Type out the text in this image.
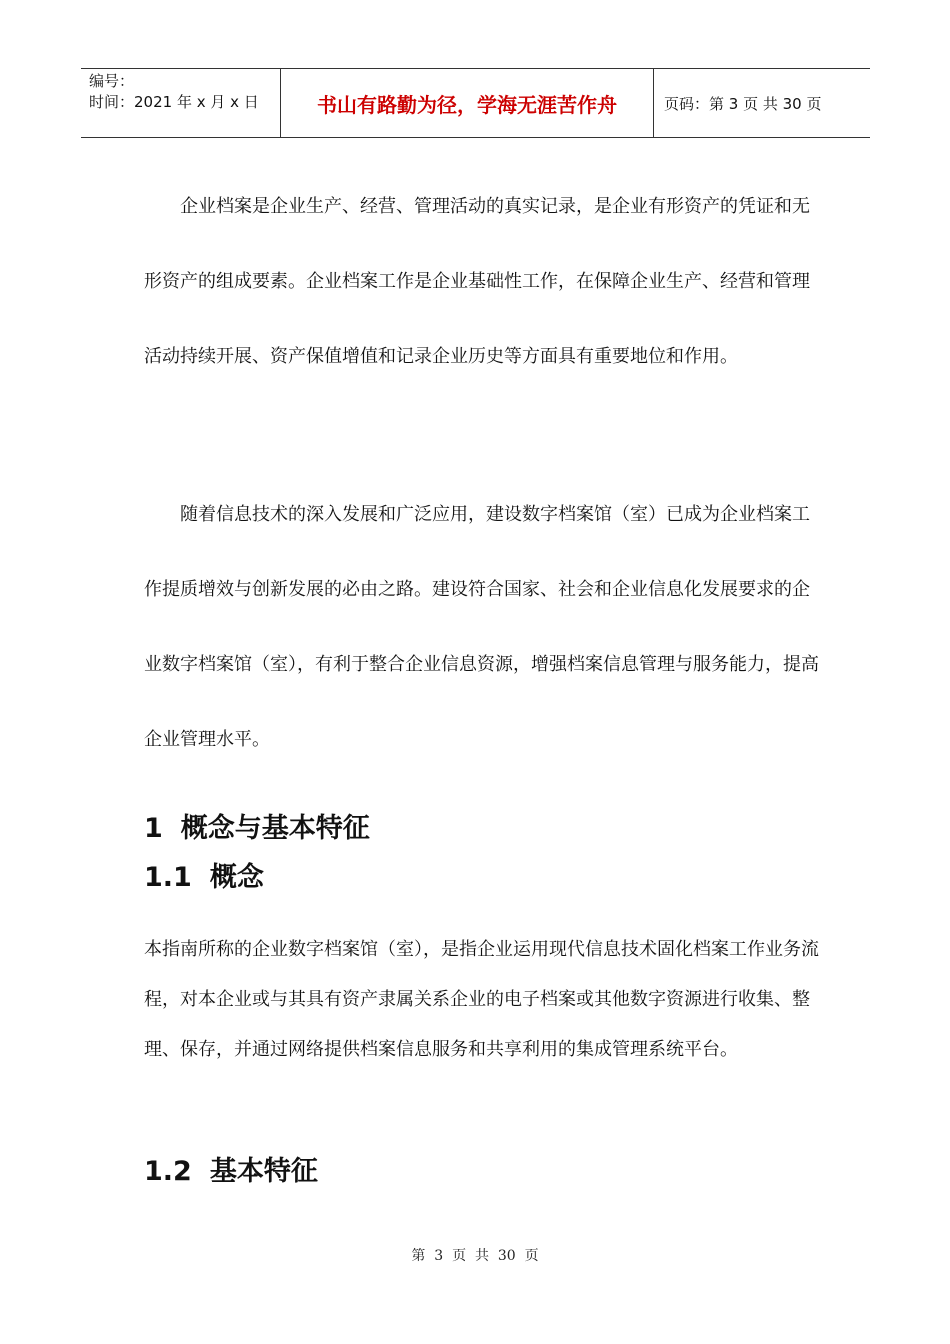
编号：
时间：2021 年 x 月 x 日	书山有路勤为径，学海无涯苦作舟	页码：第 3 页 共 30 页

企业档案是企业生产、经营、管理活动的真实记录，是企业有形资产的凭证和无形资产的组成要素。企业档案工作是企业基础性工作，在保障企业生产、经营和管理活动持续开展、资产保值增值和记录企业历史等方面具有重要地位和作用。

随着信息技术的深入发展和广泛应用，建设数字档案馆（室）已成为企业档案工作提质增效与创新发展的必由之路。建设符合国家、社会和企业信息化发展要求的企业数字档案馆（室），有利于整合企业信息资源，增强档案信息管理与服务能力，提高企业管理水平。

1 概念与基本特征
1.1 概念

本指南所称的企业数字档案馆（室），是指企业运用现代信息技术固化档案工作业务流程，对本企业或与其具有资产隶属关系企业的电子档案或其他数字资源进行收集、整理、保存，并通过网络提供档案信息服务和共享利用的集成管理系统平台。

1.2 基本特征
第  3  页  共  30  页
